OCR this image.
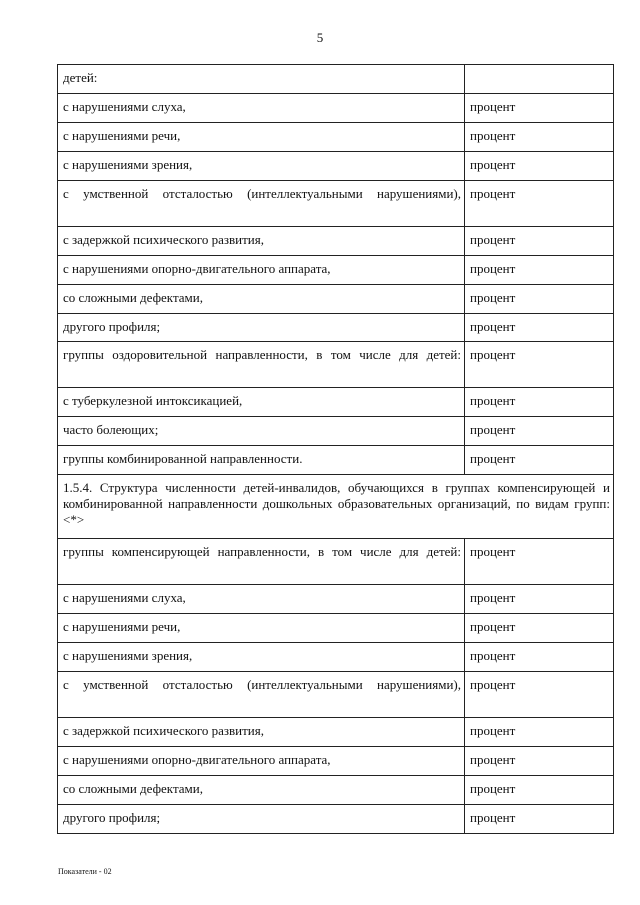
5
детей:	
с нарушениями слуха,	процент
с нарушениями речи,	процент
с нарушениями зрения,	процент
с умственной отсталостью (интеллектуальными нарушениями),	процент
с задержкой психического развития,	процент
с нарушениями опорно-двигательного аппарата,	процент
со сложными дефектами,	процент
другого профиля;	процент
группы оздоровительной направленности, в том числе для детей:	процент
с туберкулезной интоксикацией,	процент
часто болеющих;	процент
группы комбинированной направленности.	процент
1.5.4. Структура численности детей-инвалидов, обучающихся в группах компенсирующей и комбинированной направленности дошкольных образовательных организаций, по видам групп: <*>	
группы компенсирующей направленности, в том числе для детей:	процент
с нарушениями слуха,	процент
с нарушениями речи,	процент
с нарушениями зрения,	процент
с умственной отсталостью (интеллектуальными нарушениями),	процент
с задержкой психического развития,	процент
с нарушениями опорно-двигательного аппарата,	процент
со сложными дефектами,	процент
другого профиля;	процент
Показатели - 02
